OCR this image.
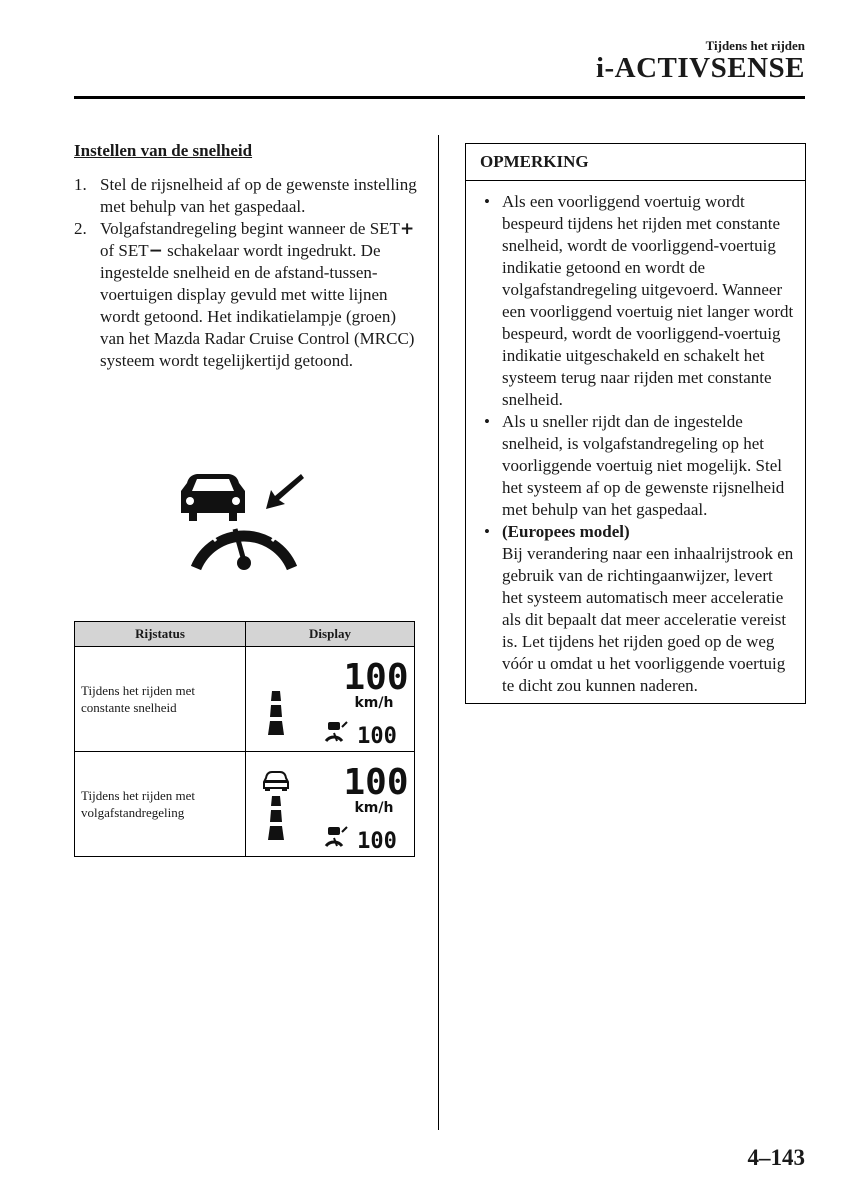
Tijdens het rijden
i-ACTIVSENSE
Instellen van de snelheid
1. Stel de rijsnelheid af op de gewenste instelling met behulp van het gaspedaal.
2. Volgafstandregeling begint wanneer de SET+ of SET− schakelaar wordt ingedrukt. De ingestelde snelheid en de afstand-tussen-voertuigen display gevuld met witte lijnen wordt getoond. Het indikatielampje (groen) van het Mazda Radar Cruise Control (MRCC) systeem wordt tegelijkertijd getoond.
Rijstatus	Display
Tijdens het rijden met constante snelheid	100
km/h
100

Tijdens het rijden met volgafstandregeling	100
km/h
100
OPMERKING
• Als een voorliggend voertuig wordt bespeurd tijdens het rijden met constante snelheid, wordt de voorliggend-voertuig indikatie getoond en wordt de volgafstandregeling uitgevoerd. Wanneer een voorliggend voertuig niet langer wordt bespeurd, wordt de voorliggend-voertuig indikatie uitgeschakeld en schakelt het systeem terug naar rijden met constante snelheid.
• Als u sneller rijdt dan de ingestelde snelheid, is volgafstandregeling op het voorliggende voertuig niet mogelijk. Stel het systeem af op de gewenste rijsnelheid met behulp van het gaspedaal.
• (Europees model)
Bij verandering naar een inhaalrijstrook en gebruik van de richtingaanwijzer, levert het systeem automatisch meer acceleratie als dit bepaalt dat meer acceleratie vereist is. Let tijdens het rijden goed op de weg vóór u omdat u het voorliggende voertuig te dicht zou kunnen naderen.
4–143
